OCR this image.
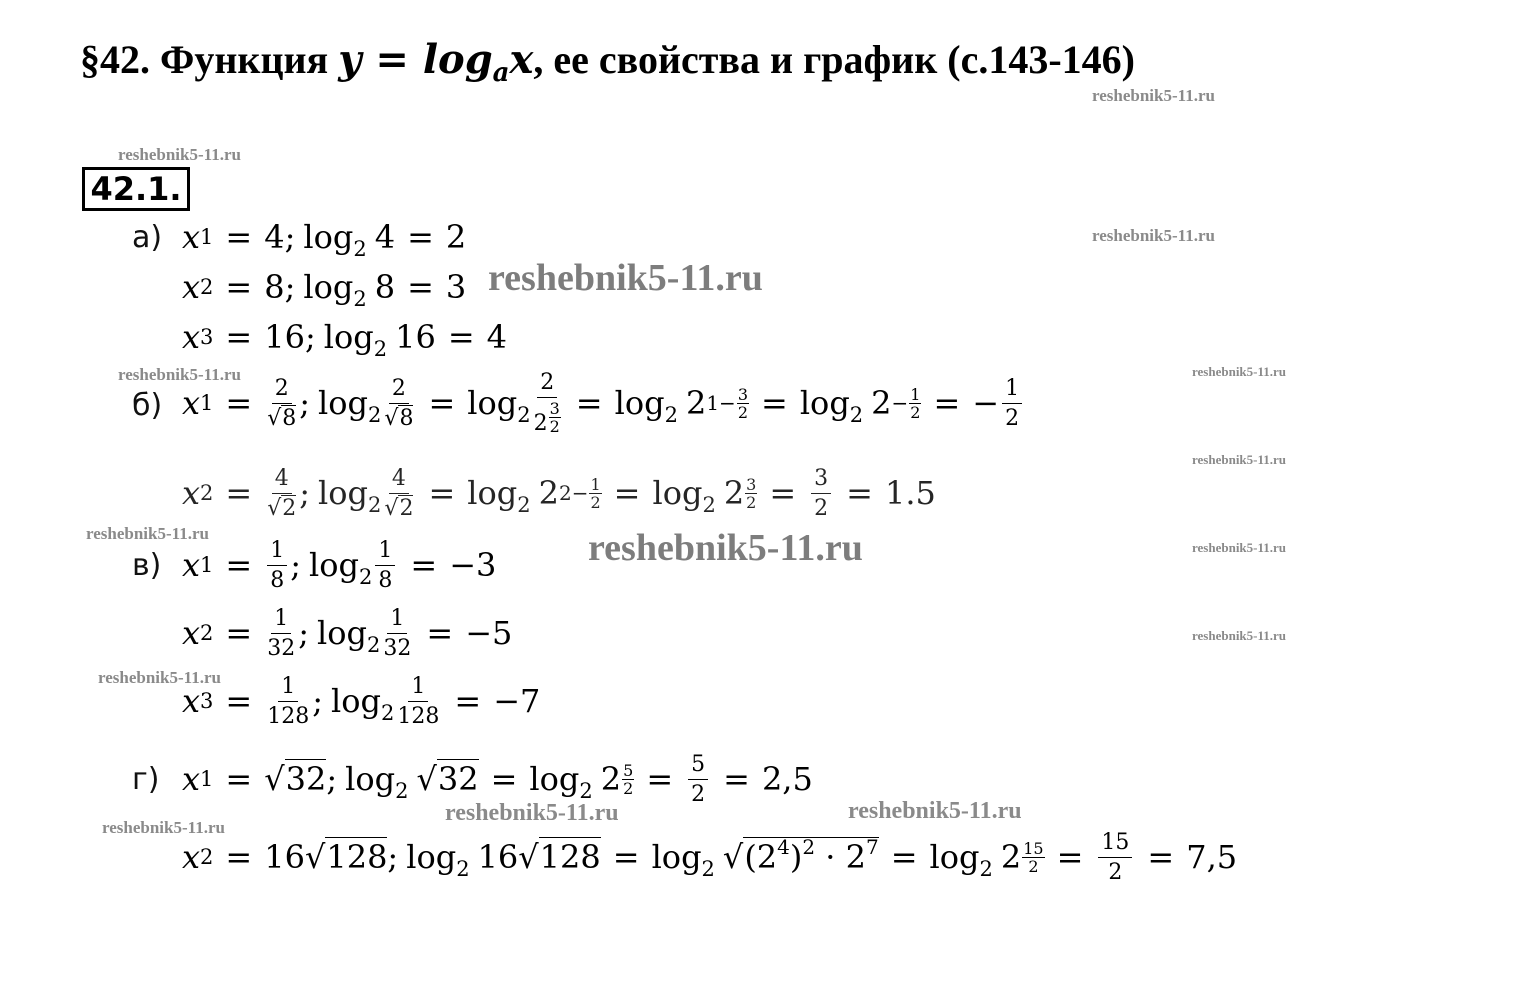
§42. Функция $y = \log_ax$, ее свойства и график (с.143-146)
reshebnik5-11.ru
reshebnik5-11.ru
reshebnik5-11.ru
reshebnik5-11.ru	reshebnik5-11.ru
reshebnik5-11.ru
reshebnik5-11.ru
reshebnik5-11.ru
reshebnik5-11.ru
reshebnik5-11.ru
reshebnik5-11.ru	reshebnik5-11.ru
reshebnik5-11.ru
42.1.
а) x 1 = 4 ; $\log_2 4 = 2$
x 2 = 8 ; $\log_2 8 = 3$ reshebnik5-11.ru
x 3 = 16 ; $\log_2 16 = 4$
б) x $1 = \frac{2}{√8}$ ; $\log_2 \frac{2}{√8} = \log_2 \frac{2}{2 \frac{3}{2}} = \log_2 2$ $1- \frac{3}{2} = \log_2 2 - \frac{1}{2}$ = − $\frac{1}{2}$
x $2 = \frac{4}{√2}$ ; $\log_2 \frac{4}{√2} = \log_2 2$ $2- \frac{1}{2} = \log_2 2 \frac{3}{2} = \frac{3}{2} = 1.5$
в)	reshebnik5-11.ru
x $1 = \frac{1}{8}$ ; $\log_2 \frac{1}{8} = -3$
x $2 = \frac{1}{32}$ ; $\log_2 \frac{1}{32} = -5$
x $3 = \frac{1}{128}$ ; $\log_2 \frac{1}{128} = -7$
г) x 1 = √32 ; $\log_2 √32 = \log_2 2 \frac{5}{2} = \frac{5}{2} = 2,5$
x 2 = 16 √128 ; $\log_2 16$ $√128 = \log_2 √(2^4)^2 \cdot 2^7 = \log_2 2 \frac{15}{2} = \frac{15}{2} = 7,5$
